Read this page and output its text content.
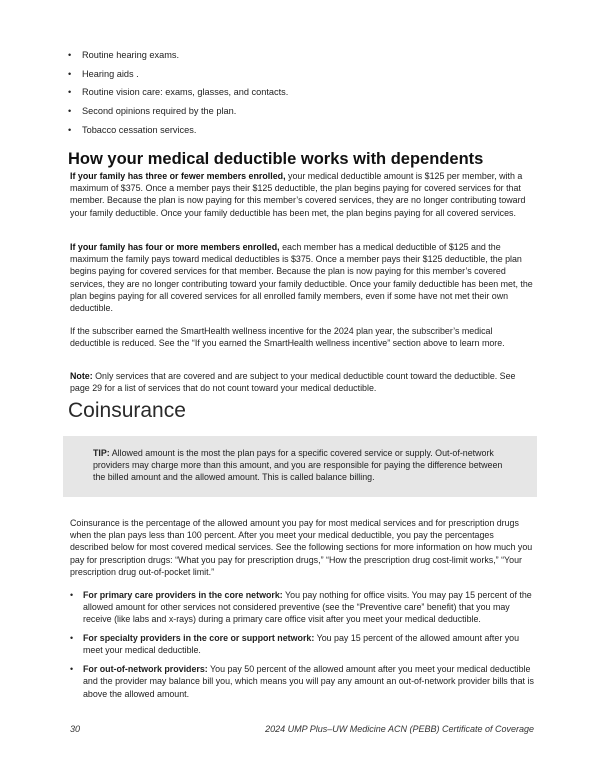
• Routine hearing exams.
• Hearing aids .
• Routine vision care: exams, glasses, and contacts.
• Second opinions required by the plan.
• Tobacco cessation services.
How your medical deductible works with dependents

If your family has three or fewer members enrolled, your medical deductible amount is $125 per member, with a maximum of $375. Once a member pays their $125 deductible, the plan begins paying for covered services for that member. Because the plan is now paying for this member’s covered services, they are no longer contributing toward your family deductible. Once your family deductible has been met, the plan begins paying for all covered services.

If your family has four or more members enrolled, each member has a medical deductible of $125 and the maximum the family pays toward medical deductibles is $375. Once a member pays their $125 deductible, the plan begins paying for covered services for that member. Because the plan is now paying for this member’s covered services, they are no longer contributing toward your family deductible. Once your family deductible has been met, the plan begins paying for all covered services for all enrolled family members, even if some have not met their own deductible.

If the subscriber earned the SmartHealth wellness incentive for the 2024 plan year, the subscriber’s medical deductible is reduced. See the “If you earned the SmartHealth wellness incentive” section above to learn more.

Note: Only services that are covered and are subject to your medical deductible count toward the deductible. See page 29 for a list of services that do not count toward your medical deductible.

Coinsurance

TIP: Allowed amount is the most the plan pays for a specific covered service or supply. Out-of-network providers may charge more than this amount, and you are responsible for paying the difference between the billed amount and the allowed amount. This is called balance billing.

Coinsurance is the percentage of the allowed amount you pay for most medical services and for prescription drugs when the plan pays less than 100 percent. After you meet your medical deductible, you pay the percentages described below for most covered medical services. See the following sections for more information on how much you pay for prescription drugs: “What you pay for prescription drugs,” “How the prescription drug cost-limit works,” “Your prescription drug out-of-pocket limit.”

• For primary care providers in the core network: You pay nothing for office visits. You may pay 15 percent of the allowed amount for other services not considered preventive (see the “Preventive care” benefit) that you may receive (like labs and x-rays) during a primary care office visit after you meet your medical deductible.
• For specialty providers in the core or support network: You pay 15 percent of the allowed amount after you meet your medical deductible.
• For out-of-network providers: You pay 50 percent of the allowed amount after you meet your medical deductible and the provider may balance bill you, which means you will pay any amount an out-of-network provider bills that is above the allowed amount.
30	2024 UMP Plus–UW Medicine ACN (PEBB) Certificate of Coverage
